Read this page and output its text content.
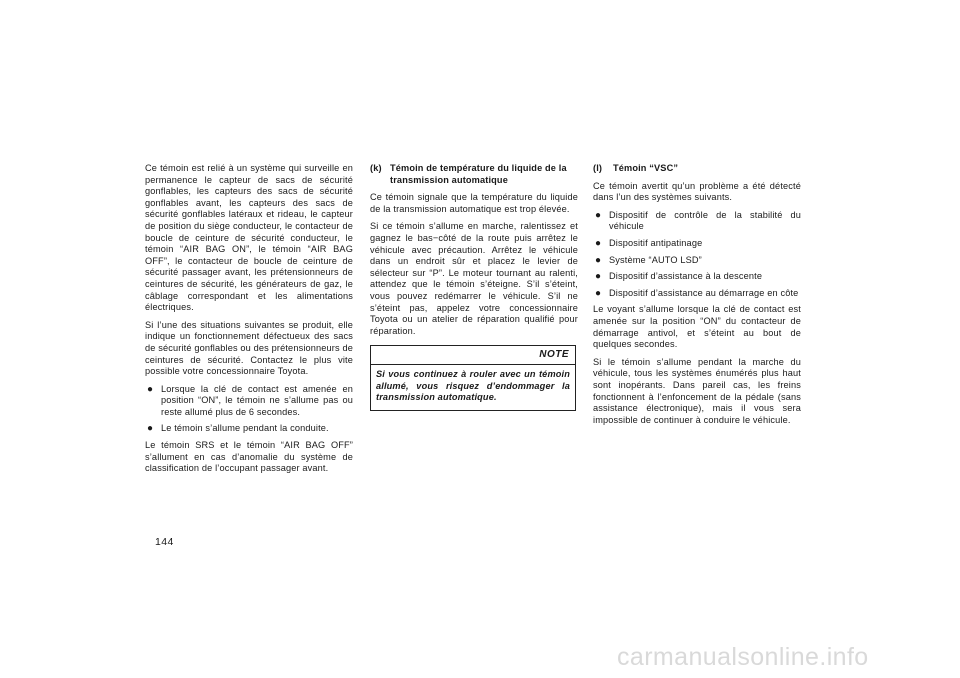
Ce témoin est relié à un système qui surveille en permanence le capteur de sacs de sécurité gonflables, les capteurs des sacs de sécurité gonflables avant, les capteurs des sacs de sécurité gonflables latéraux et rideau, le capteur de position du siège conducteur, le contacteur de boucle de ceinture de sécurité conducteur, le témoin “AIR BAG ON”, le témoin “AIR BAG OFF”, le contacteur de boucle de ceinture de sécurité passager avant, les prétensionneurs de ceintures de sécurité, les générateurs de gaz, le câblage correspondant et les alimentations électriques.

Si l’une des situations suivantes se produit, elle indique un fonctionnement défectueux des sacs de sécurité gonflables ou des prétensionneurs de ceintures de sécurité. Contactez le plus vite possible votre concessionnaire Toyota.

● Lorsque la clé de contact est amenée en position “ON”, le témoin ne s’allume pas ou reste allumé plus de 6 secondes.
● Le témoin s’allume pendant la conduite.

Le témoin SRS et le témoin “AIR BAG OFF” s’allument en cas d’anomalie du système de classification de l’occupant passager avant.

(k) Témoin de température du liquide de la transmission automatique

Ce témoin signale que la température du liquide de la transmission automatique est trop élevée.

Si ce témoin s’allume en marche, ralentissez et gagnez le bas−côté de la route puis arrêtez le véhicule avec précaution. Arrêtez le véhicule dans un endroit sûr et placez le levier de sélecteur sur “P”. Le moteur tournant au ralenti, attendez que le témoin s’éteigne. S’il s’éteint, vous pouvez redémarrer le véhicule. S’il ne s’éteint pas, appelez votre concessionnaire Toyota ou un atelier de réparation qualifié pour réparation.

NOTE
Si vous continuez à rouler avec un témoin allumé, vous risquez d’endommager la transmission automatique.
(l)	Témoin “VSC”

Ce témoin avertit qu’un problème a été détecté dans l’un des systèmes suivants.

● Dispositif de contrôle de la stabilité du véhicule
● Dispositif antipatinage
● Système “AUTO LSD”
● Dispositif d’assistance à la descente
● Dispositif d’assistance au démarrage en côte

Le voyant s’allume lorsque la clé de contact est amenée sur la position “ON” du contacteur de démarrage antivol, et s’éteint au bout de quelques secondes.

Si le témoin s’allume pendant la marche du véhicule, tous les systèmes énumérés plus haut sont inopérants. Dans pareil cas, les freins fonctionnent à l’enfoncement de la pédale (sans assistance électronique), mais il vous sera impossible de continuer à conduire le véhicule.

144
carmanualsonline.info
